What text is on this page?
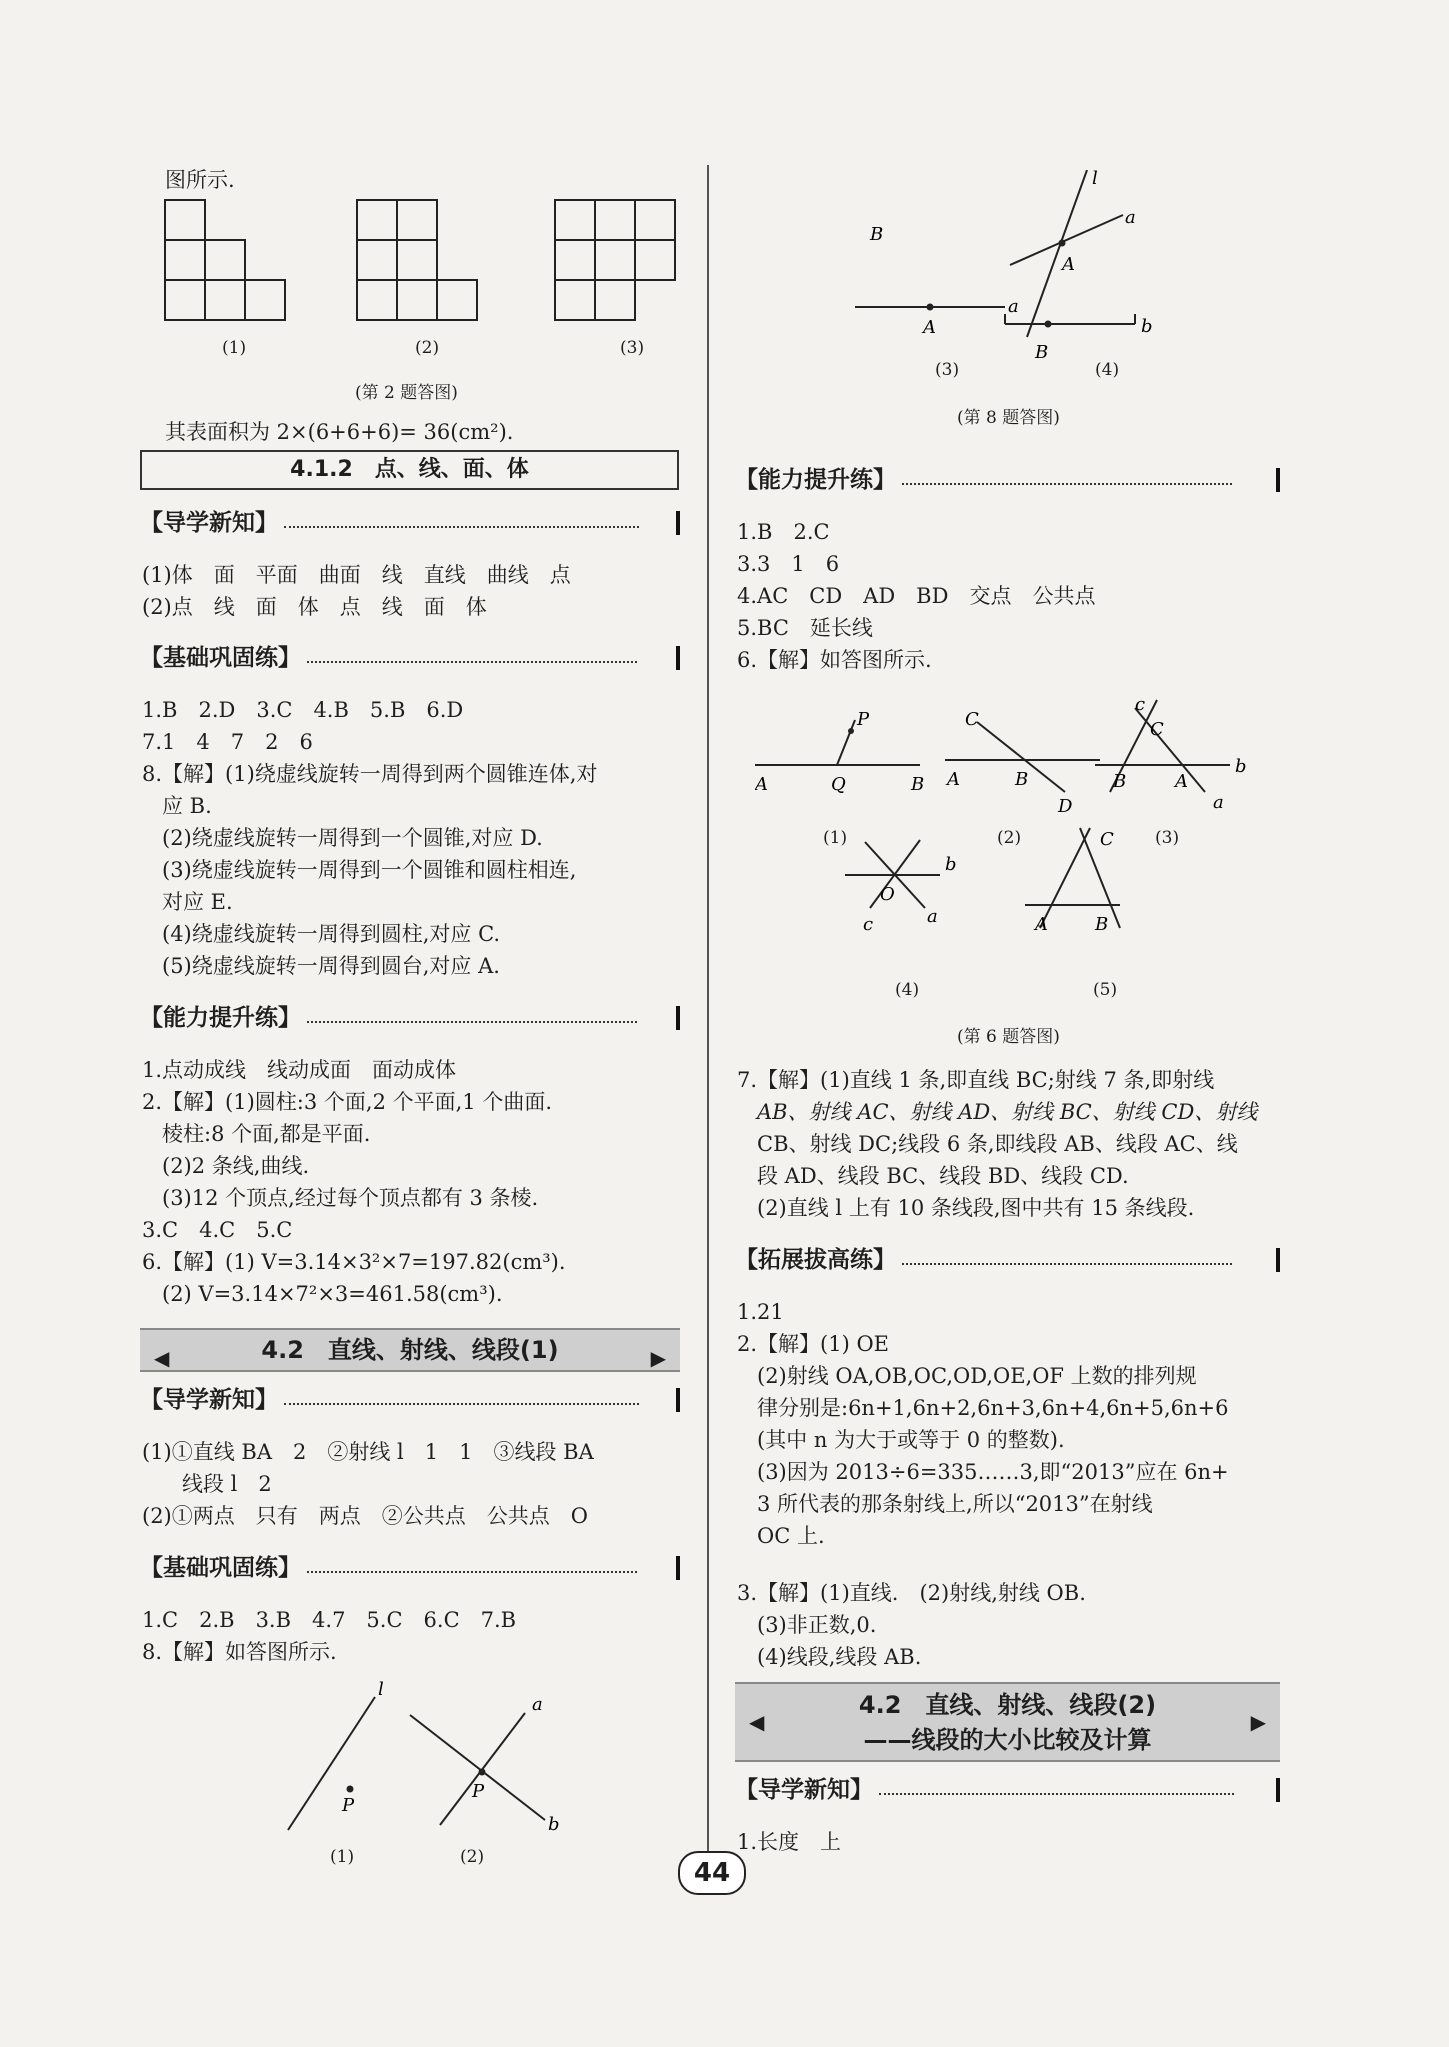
图所示.
(1)	(2)	(3)
(第 2 题答图)
其表面积为 2×(6+6+6)= 36(cm²).
4.1.2　点、线、面、体
【导学新知】
(1)体　面　平面　曲面　线　直线　曲线　点
(2)点　线　面　体　点　线　面　体
【基础巩固练】
1.B　2.D　3.C　4.B　5.B　6.D
7.1　4　7　2　6
8.【解】(1)绕虚线旋转一周得到两个圆锥连体,对
应 B.
(2)绕虚线旋转一周得到一个圆锥,对应 D.
(3)绕虚线旋转一周得到一个圆锥和圆柱相连,
对应 E.
(4)绕虚线旋转一周得到圆柱,对应 C.
(5)绕虚线旋转一周得到圆台,对应 A.
【能力提升练】
1.点动成线　线动成面　面动成体
2.【解】(1)圆柱:3 个面,2 个平面,1 个曲面.
棱柱:8 个面,都是平面.
(2)2 条线,曲线.
(3)12 个顶点,经过每个顶点都有 3 条棱.
3.C　4.C　5.C
6.【解】(1) V=3.14×3²×7=197.82(cm³).
(2) V=3.14×7²×3=461.58(cm³).
◀	4.2　直线、射线、线段(1)	▶
【导学新知】
(1)①直线 BA　2　②射线 l　1　1　③线段 BA
线段 l　2
(2)①两点　只有　两点　②公共点　公共点　O
【基础巩固练】
1.C　2.B　3.B　4.7　5.C　6.C　7.B
8.【解】如答图所示.
l
P
a
P
b
(1)	(2)
l
a
B
A
A
a
b
B
(3)	(4)
(第 8 题答图)
【能力提升练】
1.B　2.C
3.3　1　6
4.AC　CD　AD　BD　交点　公共点
5.BC　延长线
6.【解】如答图所示.
P
A	Q	B
C
A	B
D
c
C
B	A
b
a
b
O
a
c
C
A	B
(1)	(2)	(3)
(4)	(5)
(第 6 题答图)
7.【解】(1)直线 1 条,即直线 BC;射线 7 条,即射线
AB、射线 AC、射线 AD、射线 BC、射线 CD、射线
CB、射线 DC;线段 6 条,即线段 AB、线段 AC、线
段 AD、线段 BC、线段 BD、线段 CD.
(2)直线 l 上有 10 条线段,图中共有 15 条线段.
【拓展拔高练】
1.21
2.【解】(1) OE
(2)射线 OA,OB,OC,OD,OE,OF 上数的排列规
律分别是:6n+1,6n+2,6n+3,6n+4,6n+5,6n+6
(其中 n 为大于或等于 0 的整数).
(3)因为 2013÷6=335……3,即“2013”应在 6n+
3 所代表的那条射线上,所以“2013”在射线
OC 上.
3.【解】(1)直线.　(2)射线,射线 OB.
(3)非正数,0.
(4)线段,线段 AB.
◀
4.2　直线、射线、线段(2)
——线段的大小比较及计算
▶
【导学新知】
1.长度　上
44
